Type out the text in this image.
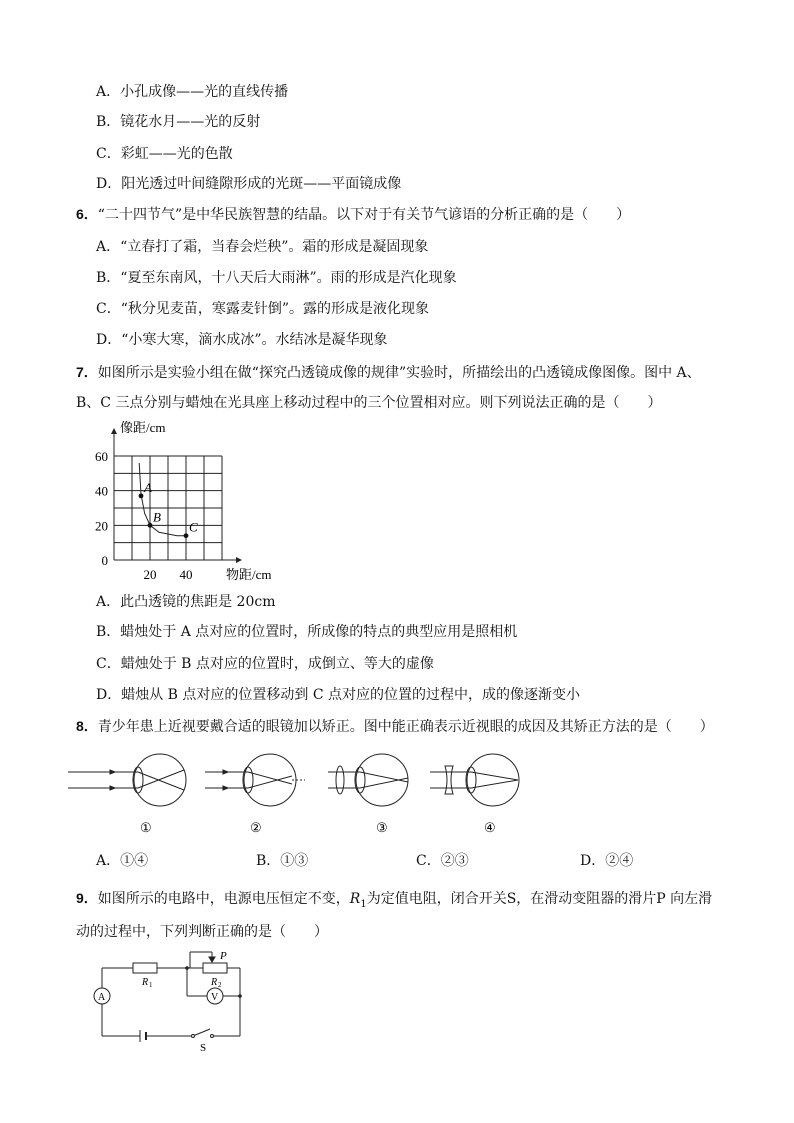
A．小孔成像——光的直线传播
B．镜花水月——光的反射
C．彩虹——光的色散
D．阳光透过叶间缝隙形成的光斑——平面镜成像
6．“二十四节气”是中华民族智慧的结晶。以下对于有关节气谚语的分析正确的是（　　）
A．“立春打了霜，当春会烂秧”。霜的形成是凝固现象
B．“夏至东南风，十八天后大雨淋”。雨的形成是汽化现象
C．“秋分见麦苗，寒露麦针倒”。露的形成是液化现象
D．“小寒大寒，滴水成冰”。水结冰是凝华现象
7．如图所示是实验小组在做“探究凸透镜成像的规律”实验时，所描绘出的凸透镜成像图像。图中 A、
B、C 三点分别与蜡烛在光具座上移动过程中的三个位置相对应。则下列说法正确的是（　　）
0
20
40
60
20 40
像距/cm
物距/cm
A
B
C
A．此凸透镜的焦距是 20cm
B．蜡烛处于 A 点对应的位置时，所成像的特点的典型应用是照相机
C．蜡烛处于 B 点对应的位置时，成倒立、等大的虚像
D．蜡烛从 B 点对应的位置移动到 C 点对应的位置的过程中，成的像逐渐变小
8．青少年患上近视要戴合适的眼镜加以矫正。图中能正确表示近视眼的成因及其矫正方法的是（　　）
①	②	③	④
A．①④	B．①③	C．②③	D．②④
9．如图所示的电路中，电源电压恒定不变，$R_1$为定值电阻，闭合开关S，在滑动变阻器的滑片P 向左滑
动的过程中，下列判断正确的是（　　）
A	V
R 1	R 2
P
S
